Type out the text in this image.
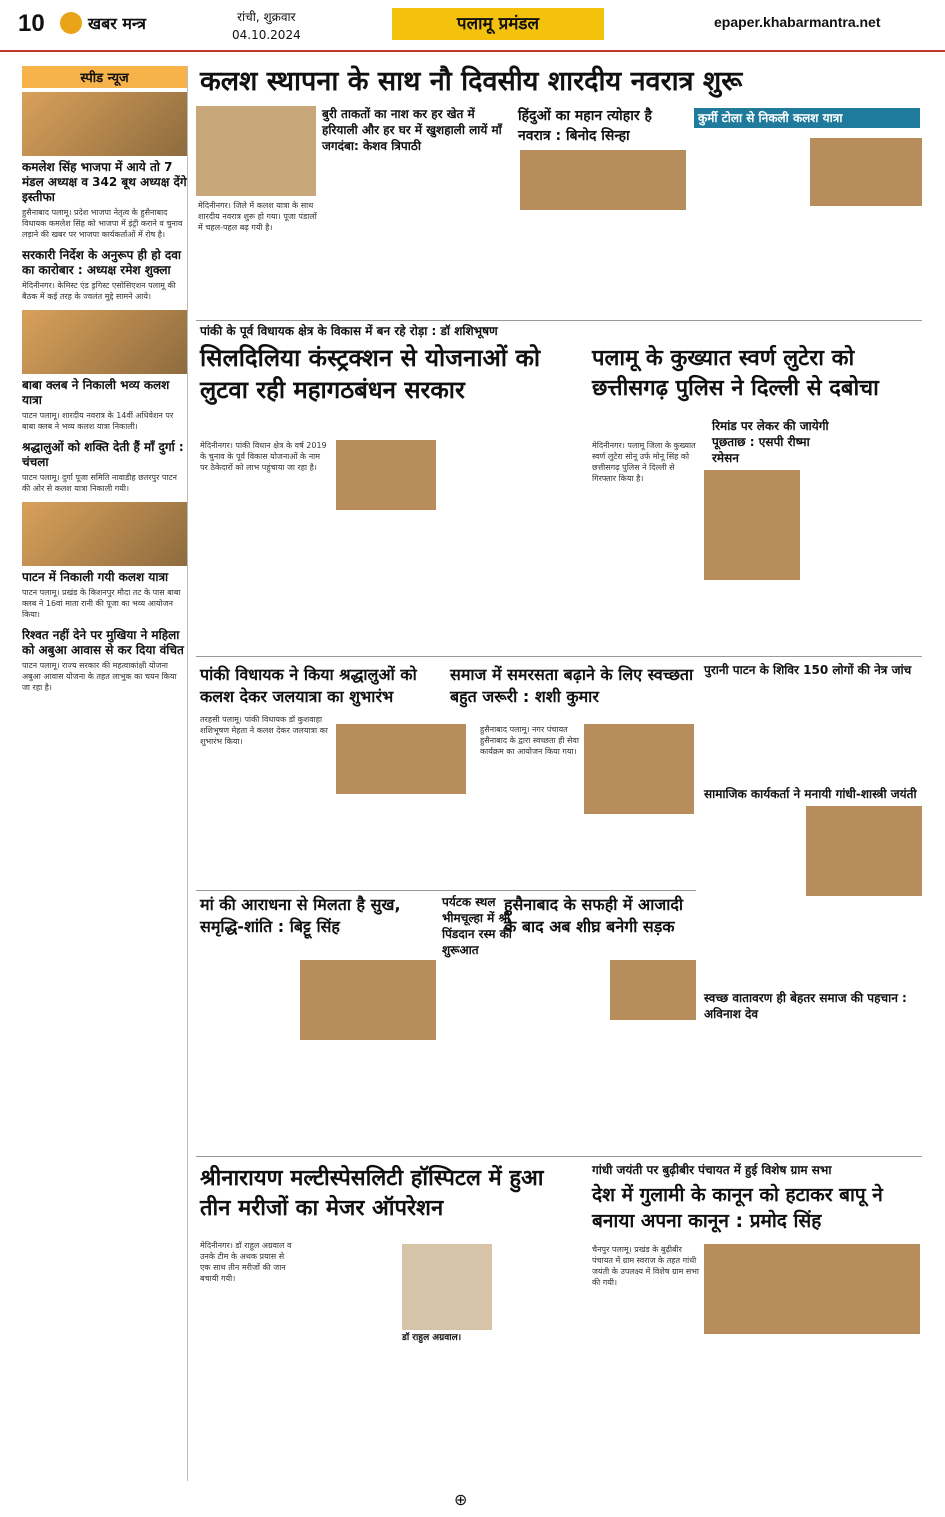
10	खबर मन्त्र	रांची, शुक्रवार
04.10.2024
पलामू प्रमंडल	epaper.khabarmantra.net
स्पीड न्यूज
कमलेश सिंह भाजपा में आये तो 7 मंडल अध्यक्ष व 342 बूथ अध्यक्ष देंगे इस्तीफा

हुसैनाबाद पलामू। प्रदेश भाजपा नेतृत्व के हुसैनाबाद विधायक कमलेश सिंह को भाजपा में इंट्री कराने व चुनाव लड़ाने की खबर पर भाजपा कार्यकर्ताओं में रोष है।

सरकारी निर्देश के अनुरूप ही हो दवा का कारोबार : अध्यक्ष रमेश शुक्ला

मेदिनीनगर। केमिस्ट एंड ड्रगिस्ट एसोसिएशन पलामू की बैठक में कई तरह के ज्वलंत मुद्दे सामने आये।

बाबा क्लब ने निकाली भव्य कलश यात्रा

पाटन पलामू। शारदीय नवरात्र के 14वीं अधिवेशन पर बाबा क्लब ने भव्य कलश यात्रा निकाली।

श्रद्धालुओं को शक्ति देती हैं माँ दुर्गा : चंचला

पाटन पलामू। दुर्गा पूजा समिति नावाडीह छतरपुर पाटन की ओर से कलश यात्रा निकाली गयी।

पाटन में निकाली गयी कलश यात्रा

पाटन पलामू। प्रखंड के किशनपुर मौदा तट के पास बाबा क्लब ने 16वां माता रानी की पूजा का भव्य आयोजन किया।

रिश्वत नहीं देने पर मुखिया ने महिला को अबुआ आवास से कर दिया वंचित

पाटन पलामू। राज्य सरकार की महत्वाकांक्षी योजना अबुआ आवास योजना के तहत लाभुक का चयन किया जा रहा है।

कलश स्थापना के साथ नौ दिवसीय शारदीय नवरात्र शुरू
बुरी ताकतों का नाश कर हर खेत में हरियाली और हर घर में खुशहाली लायें माँ जगदंबा: केशव त्रिपाठी
हिंदुओं का महान त्योहार है नवरात्र : बिनोद सिन्हा
कुर्मी टोला से निकली कलश यात्रा
मेदिनीनगर। जिले में कलश यात्रा के साथ शारदीय नवरात्र शुरू हो गया। पूजा पंडालों में चहल-पहल बढ़ गयी है।
पांकी के पूर्व विधायक क्षेत्र के विकास में बन रहे रोड़ा : डॉ शशिभूषण
सिलदिलिया कंस्ट्रक्शन से योजनाओं को लुटवा रही महागठबंधन सरकार
मेदिनीनगर। पांकी विधान क्षेत्र के वर्ष 2019 के चुनाव के पूर्व विकास योजनाओं के नाम पर ठेकेदारों को लाभ पहुंचाया जा रहा है।
पलामू के कुख्यात स्वर्ण लुटेरा को छत्तीसगढ़ पुलिस ने दिल्ली से दबोचा
रिमांड पर लेकर की जायेगी पूछताछ : एसपी रीष्मा रमेसन
मेदिनीनगर। पलामू जिला के कुख्यात स्वर्ण लुटेरा सोनू उर्फ मोनू सिंह को छत्तीसगढ़ पुलिस ने दिल्ली से गिरफ्तार किया है।
पांकी विधायक ने किया श्रद्धालुओं को कलश देकर जलयात्रा का शुभारंभ
तरहसी पलामू। पांकी विधायक डॉ कुशवाहा शशिभूषण मेहता ने कलश देकर जलयात्रा का शुभारंभ किया।
समाज में समरसता बढ़ाने के लिए स्वच्छता बहुत जरूरी : शशी कुमार
हुसैनाबाद पलामू। नगर पंचायत हुसैनाबाद के द्वारा स्वच्छता ही सेवा कार्यक्रम का आयोजन किया गया।
पुरानी पाटन के शिविर 150 लोगों की नेत्र जांच
सामाजिक कार्यकर्ता ने मनायी गांधी-शास्त्री जयंती
मां की आराधना से मिलता है सुख, समृद्धि-शांति : बिट्टू सिंह
पर्यटक स्थल भीमचूल्हा में श्री पिंडदान रस्म की शुरूआत
हुसैनाबाद के सफही में आजादी के बाद अब शीघ्र बनेगी सड़क
स्वच्छ वातावरण ही बेहतर समाज की पहचान : अविनाश देव
श्रीनारायण मल्टीस्पेसलिटी हॉस्पिटल में हुआ तीन मरीजों का मेजर ऑपरेशन
मेदिनीनगर। डॉ राहुल अग्रवाल व उनके टीम के अथक प्रयास से एक साथ तीन मरीजों की जान बचायी गयी।
डॉ राहुल अग्रवाल।
गांधी जयंती पर बुढ़ीबीर पंचायत में हुई विशेष ग्राम सभा
देश में गुलामी के कानून को हटाकर बापू ने बनाया अपना कानून : प्रमोद सिंह
चैनपुर पलामू। प्रखंड के बुढ़ीबीर पंचायत में ग्राम स्वराज के तहत गांधी जयंती के उपलक्ष्य में विशेष ग्राम सभा की गयी।
⊕
